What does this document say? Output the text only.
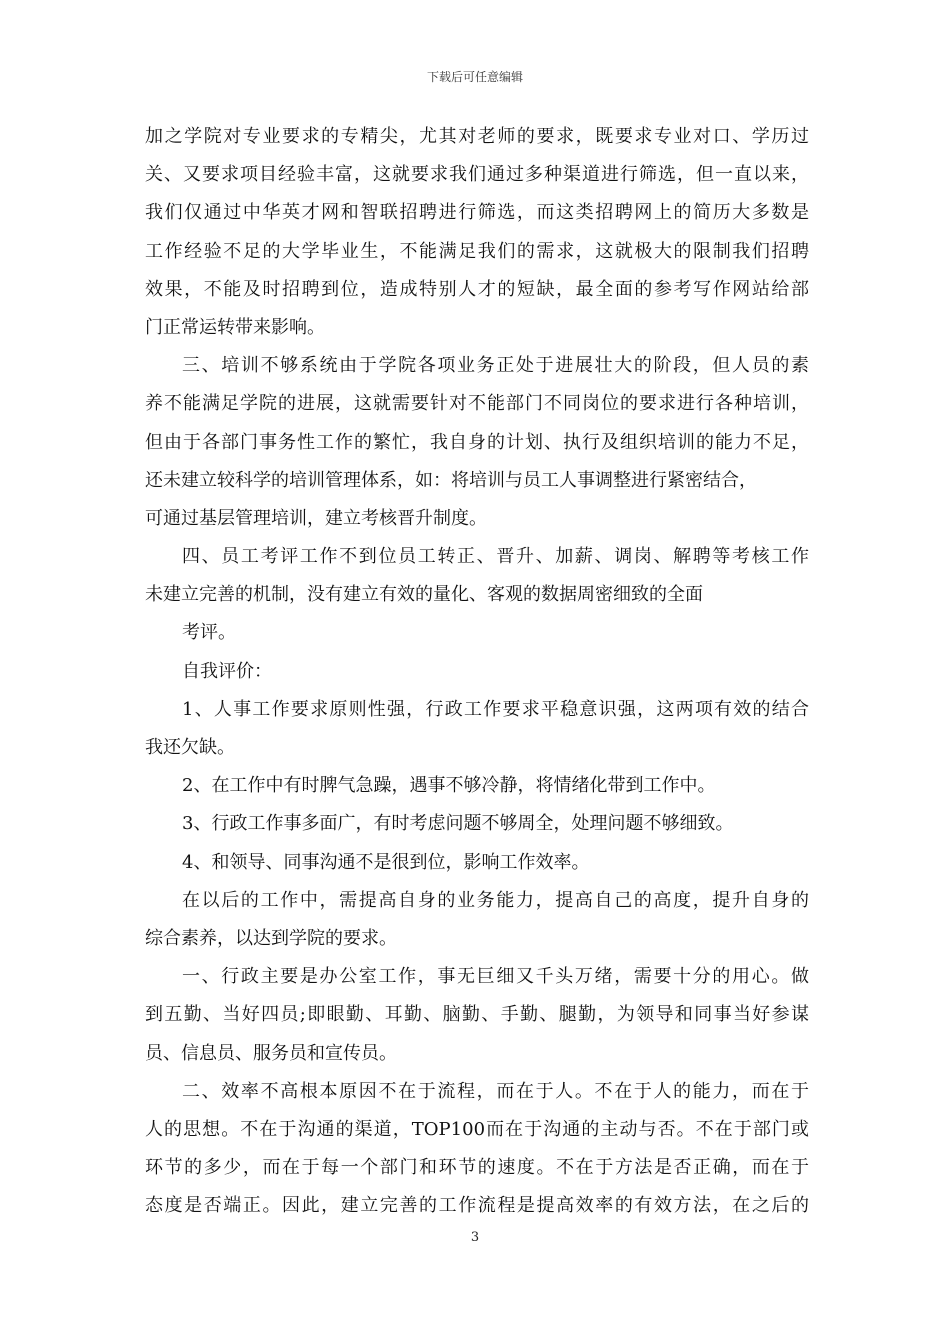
下载后可任意编辑
加之学院对专业要求的专精尖，尤其对老师的要求，既要求专业对口、学历过
关、又要求项目经验丰富，这就要求我们通过多种渠道进行筛选，但一直以来，
我们仅通过中华英才网和智联招聘进行筛选，而这类招聘网上的简历大多数是
工作经验不足的大学毕业生，不能满足我们的需求，这就极大的限制我们招聘
效果，不能及时招聘到位，造成特别人才的短缺，最全面的参考写作网站给部
门正常运转带来影响。
三、培训不够系统由于学院各项业务正处于进展壮大的阶段，但人员的素
养不能满足学院的进展，这就需要针对不能部门不同岗位的要求进行各种培训，
但由于各部门事务性工作的繁忙，我自身的计划、执行及组织培训的能力不足，
还未建立较科学的培训管理体系，如：将培训与员工人事调整进行紧密结合，
可通过基层管理培训，建立考核晋升制度。
四、员工考评工作不到位员工转正、晋升、加薪、调岗、解聘等考核工作
未建立完善的机制，没有建立有效的量化、客观的数据周密细致的全面
考评。
自我评价：
1、人事工作要求原则性强，行政工作要求平稳意识强，这两项有效的结合
我还欠缺。
2、在工作中有时脾气急躁，遇事不够冷静，将情绪化带到工作中。
3、行政工作事多面广，有时考虑问题不够周全，处理问题不够细致。
4、和领导、同事沟通不是很到位，影响工作效率。
在以后的工作中，需提高自身的业务能力，提高自己的高度，提升自身的
综合素养，以达到学院的要求。
一、行政主要是办公室工作，事无巨细又千头万绪，需要十分的用心。做
到五勤、当好四员;即眼勤、耳勤、脑勤、手勤、腿勤，为领导和同事当好参谋
员、信息员、服务员和宣传员。
二、效率不高根本原因不在于流程，而在于人。不在于人的能力，而在于
人的思想。不在于沟通的渠道，TOP100而在于沟通的主动与否。不在于部门或
环节的多少，而在于每一个部门和环节的速度。不在于方法是否正确，而在于
态度是否端正。因此，建立完善的工作流程是提高效率的有效方法，在之后的
3
